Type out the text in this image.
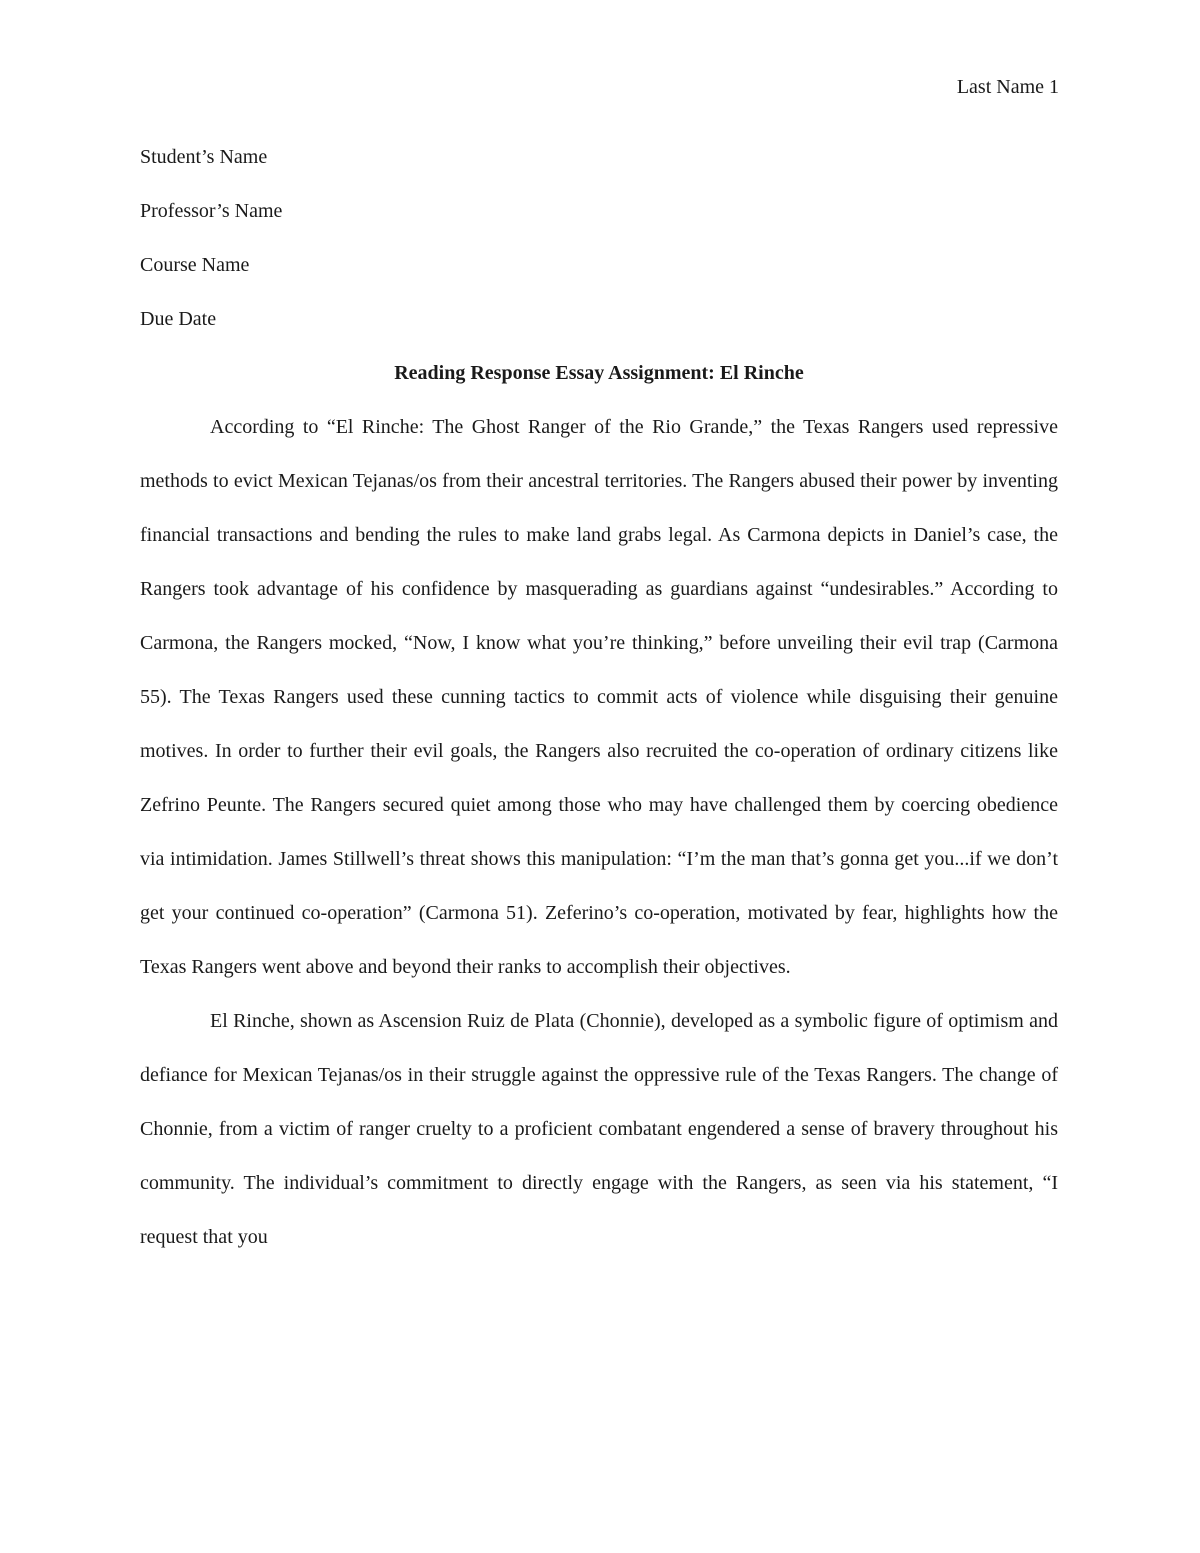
Last Name 1

Student’s Name

Professor’s Name

Course Name

Due Date

Reading Response Essay Assignment: El Rinche

According to “El Rinche: The Ghost Ranger of the Rio Grande,” the Texas Rangers used repressive methods to evict Mexican Tejanas/os from their ancestral territories. The Rangers abused their power by inventing financial transactions and bending the rules to make land grabs legal. As Carmona depicts in Daniel’s case, the Rangers took advantage of his confidence by masquerading as guardians against “undesirables.” According to Carmona, the Rangers mocked, “Now, I know what you’re thinking,” before unveiling their evil trap (Carmona 55). The Texas Rangers used these cunning tactics to commit acts of violence while disguising their genuine motives. In order to further their evil goals, the Rangers also recruited the co-operation of ordinary citizens like Zefrino Peunte. The Rangers secured quiet among those who may have challenged them by coercing obedience via intimidation. James Stillwell’s threat shows this manipulation: “I’m the man that’s gonna get you...if we don’t get your continued co-operation” (Carmona 51). Zeferino’s co-operation, motivated by fear, highlights how the Texas Rangers went above and beyond their ranks to accomplish their objectives.

El Rinche, shown as Ascension Ruiz de Plata (Chonnie), developed as a symbolic figure of optimism and defiance for Mexican Tejanas/os in their struggle against the oppressive rule of the Texas Rangers. The change of Chonnie, from a victim of ranger cruelty to a proficient combatant engendered a sense of bravery throughout his community. The individual’s commitment to directly engage with the Rangers, as seen via his statement, “I request that you
